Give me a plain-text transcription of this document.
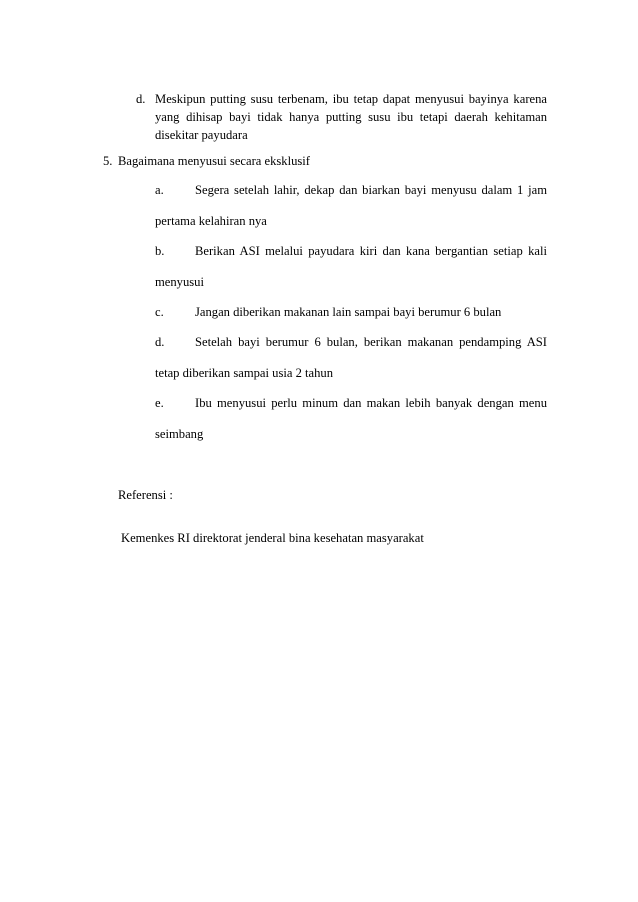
d. Meskipun putting susu terbenam, ibu tetap dapat menyusui bayinya karena
yang dihisap bayi tidak hanya putting susu ibu tetapi daerah kehitaman
disekitar payudara
5. Bagaimana menyusui secara eksklusif
a. Segera setelah lahir, dekap dan biarkan bayi menyusu dalam 1 jam
pertama kelahiran nya
b. Berikan ASI melalui payudara kiri dan kana bergantian setiap kali
menyusui
c. Jangan diberikan makanan lain sampai bayi berumur 6 bulan
d. Setelah bayi berumur 6 bulan, berikan makanan pendamping ASI
tetap diberikan sampai usia 2 tahun
e. Ibu menyusui perlu minum dan makan lebih banyak dengan menu
seimbang
Referensi :
Kemenkes RI direktorat jenderal bina kesehatan masyarakat
